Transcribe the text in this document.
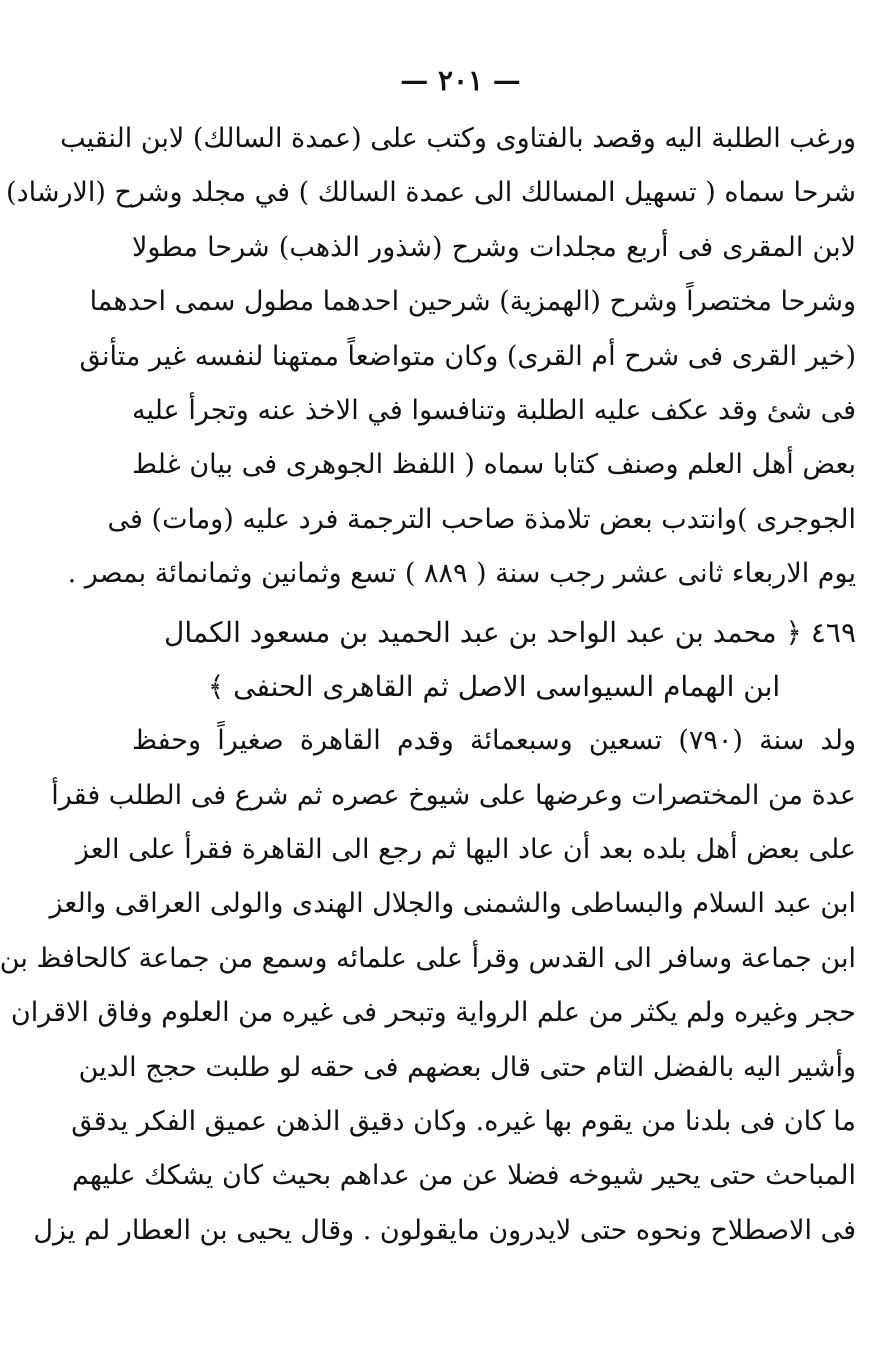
— ٢٠١ —
ورغب الطلبة اليه وقصد بالفتاوى وكتب على (عمدة السالك) لابن النقيب
شرحا سماه ( تسهيل المسالك الى عمدة السالك ) في مجلد وشرح (الارشاد)
لابن المقرى فى أربع مجلدات وشرح (شذور الذهب) شرحا مطولا
وشرحا مختصراً وشرح (الهمزية) شرحين احدهما مطول سمى احدهما
(خير القرى فى شرح أم القرى) وكان متواضعاً ممتهنا لنفسه غير متأنق
فى شئ وقد عكف عليه الطلبة وتنافسوا في الاخذ عنه وتجرأ عليه
بعض أهل العلم وصنف كتابا سماه ( اللفظ الجوهرى فى بيان غلط
الجوجرى )وانتدب بعض تلامذة صاحب الترجمة فرد عليه (ومات) فى
يوم الاربعاء ثانى عشر رجب سنة ( ٨٨٩ ) تسع وثمانين وثمانمائة بمصر .
٤٦٩ ﴿ محمد بن عبد الواحد بن عبد الحميد بن مسعود الكمال
ابن الهمام السيواسى الاصل ثم القاهرى الحنفى ﴾
ولد سنة (٧٩٠) تسعين وسبعمائة وقدم القاهرة صغيراً وحفظ
عدة من المختصرات وعرضها على شيوخ عصره ثم شرع فى الطلب فقرأ
على بعض أهل بلده بعد أن عاد اليها ثم رجع الى القاهرة فقرأ على العز
ابن عبد السلام والبساطى والشمنى والجلال الهندى والولى العراقى والعز
ابن جماعة وسافر الى القدس وقرأ على علمائه وسمع من جماعة كالحافظ بن
حجر وغيره ولم يكثر من علم الرواية وتبحر فى غيره من العلوم وفاق الاقران
وأشير اليه بالفضل التام حتى قال بعضهم فى حقه لو طلبت حجج الدين
ما كان فى بلدنا من يقوم بها غيره. وكان دقيق الذهن عميق الفكر يدقق
المباحث حتى يحير شيوخه فضلا عن من عداهم بحيث كان يشكك عليهم
فى الاصطلاح ونحوه حتى لايدرون مايقولون . وقال يحيى بن العطار لم يزل
